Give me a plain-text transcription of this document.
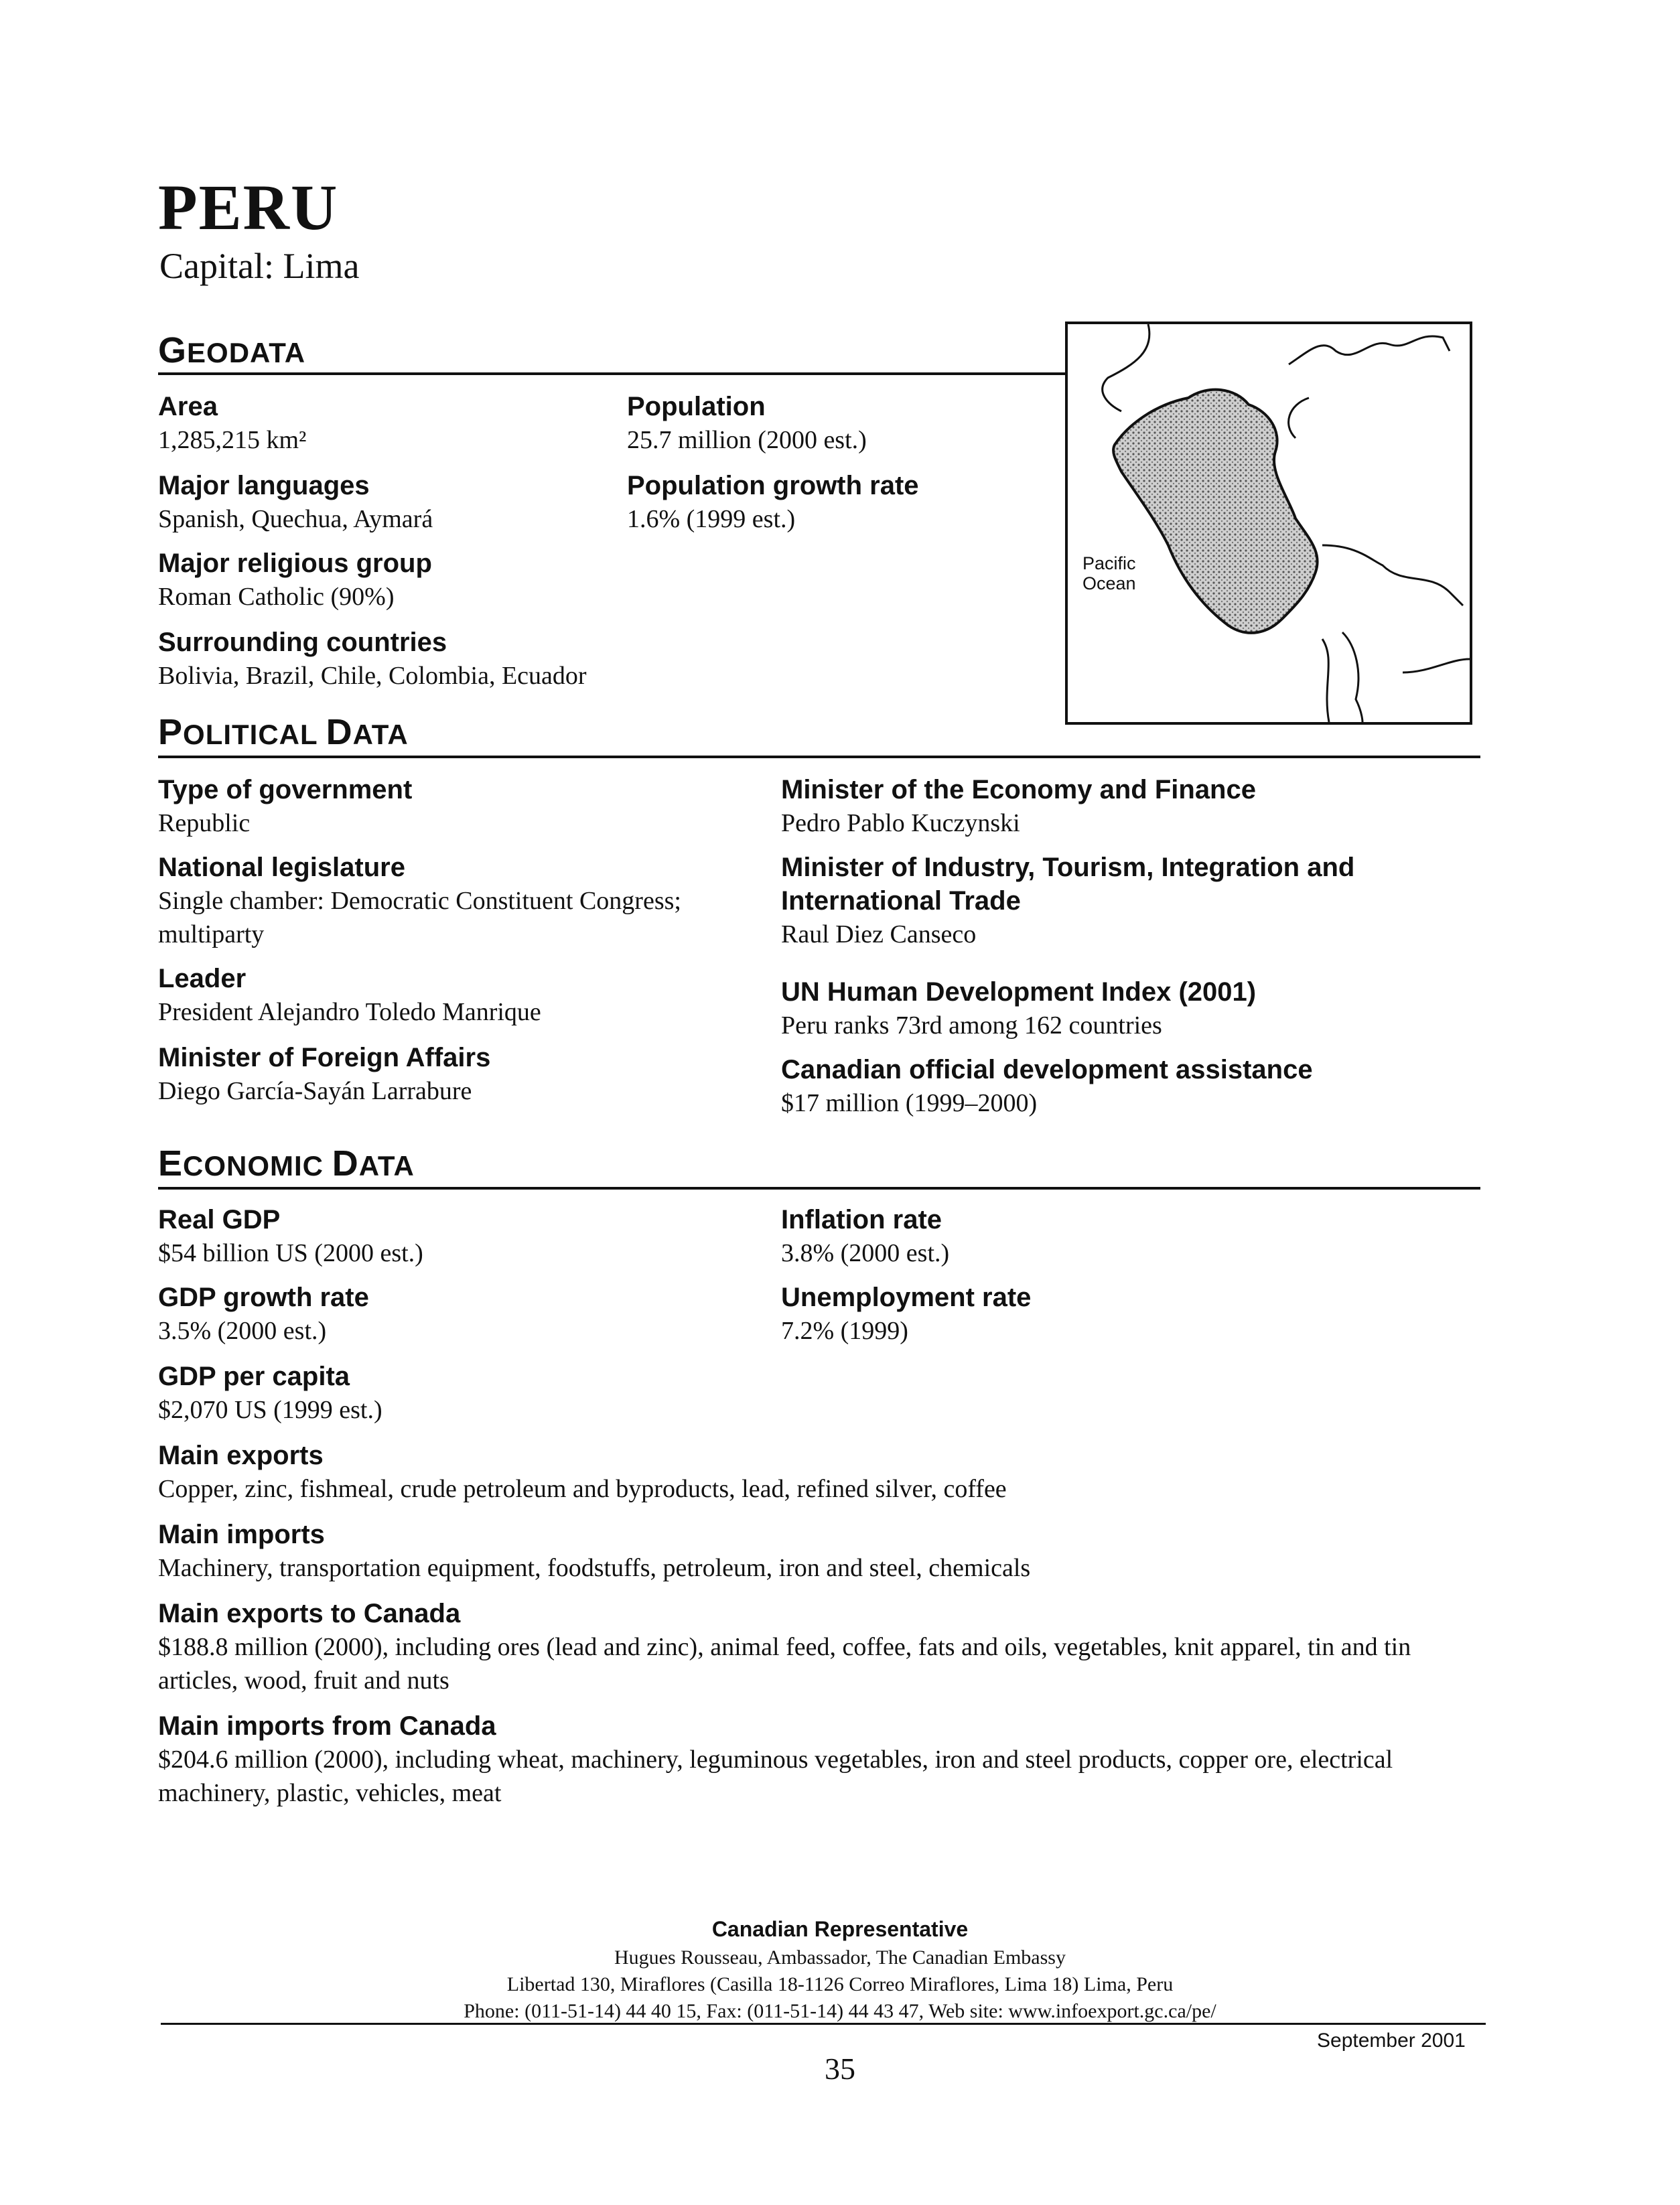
PERU
Capital: Lima
GEODATA
Area
1,285,215 km²
Population
25.7 million (2000 est.)
Major languages
Spanish, Quechua, Aymará
Population growth rate
1.6% (1999 est.)
Major religious group
Roman Catholic (90%)
Surrounding countries
Bolivia, Brazil, Chile, Colombia, Ecuador
Pacific
Ocean
POLITICAL DATA
Type of government
Republic
National legislature
Single chamber: Democratic Constituent Congress; multiparty
Leader
President Alejandro Toledo Manrique
Minister of Foreign Affairs
Diego García-Sayán Larrabure
Minister of the Economy and Finance
Pedro Pablo Kuczynski
Minister of Industry, Tourism, Integration and
International Trade
Raul Diez Canseco
UN Human Development Index (2001)
Peru ranks 73rd among 162 countries
Canadian official development assistance
$17 million (1999–2000)
ECONOMIC DATA
Real GDP
$54 billion US (2000 est.)
GDP growth rate
3.5% (2000 est.)
GDP per capita
$2,070 US (1999 est.)
Inflation rate
3.8% (2000 est.)
Unemployment rate
7.2% (1999)
Main exports
Copper, zinc, fishmeal, crude petroleum and byproducts, lead, refined silver, coffee
Main imports
Machinery, transportation equipment, foodstuffs, petroleum, iron and steel, chemicals
Main exports to Canada
$188.8 million (2000), including ores (lead and zinc), animal feed, coffee, fats and oils, vegetables, knit apparel, tin and tin articles, wood, fruit and nuts
Main imports from Canada
$204.6 million (2000), including wheat, machinery, leguminous vegetables, iron and steel products, copper ore, electrical machinery, plastic, vehicles, meat
Canadian Representative
Hugues Rousseau, Ambassador, The Canadian Embassy
Libertad 130, Miraflores (Casilla 18-1126 Correo Miraflores, Lima 18) Lima, Peru
Phone: (011-51-14) 44 40 15, Fax: (011-51-14) 44 43 47, Web site: www.infoexport.gc.ca/pe/
September 2001
35
